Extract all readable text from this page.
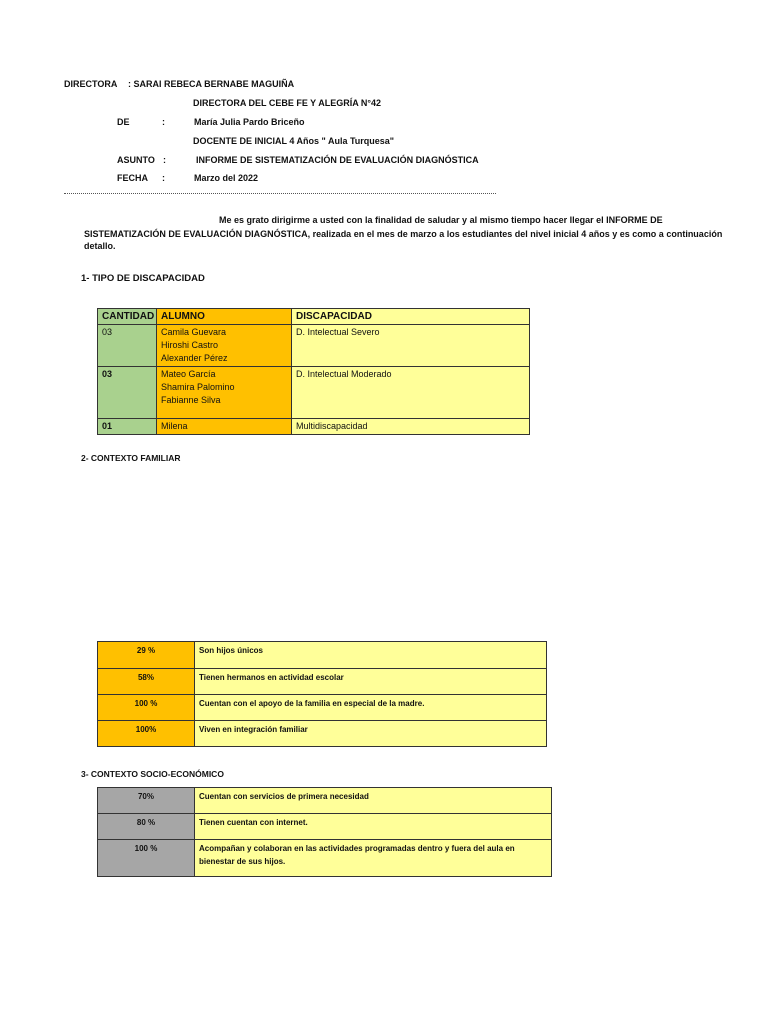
DIRECTORA : SARAI REBECA BERNABE MAGUIÑA
DIRECTORA DEL CEBE FE Y ALEGRÍA N°42
DE	:	María Julia Pardo Briceño
DOCENTE DE INICIAL 4 Años " Aula Turquesa"
ASUNTO :	INFORME DE SISTEMATIZACIÓN DE EVALUACIÓN DIAGNÓSTICA
FECHA :	Marzo del 2022
Me es grato dirigirme a usted con la finalidad de saludar y al mismo tiempo hacer llegar el INFORME DE
SISTEMATIZACIÓN DE EVALUACIÓN DIAGNÓSTICA, realizada en el mes de marzo a los estudiantes del nivel inicial 4 años y es como a continuación
detallo.
1- TIPO DE DISCAPACIDAD
CANTIDAD	ALUMNO	DISCAPACIDAD
03	Camila Guevara
Hiroshi Castro
Alexander Pérez	D. Intelectual Severo
03	Mateo García
Shamira Palomino
Fabianne Silva	D. Intelectual Moderado
01	Milena	Multidiscapacidad
2- CONTEXTO FAMILIAR
29 %	Son hijos únicos
58%	Tienen hermanos en actividad escolar
100 %	Cuentan con el apoyo de la familia en especial de la madre.
100%	Viven en integración familiar
3- CONTEXTO SOCIO-ECONÓMICO
70%	Cuentan con servicios de primera necesidad
80 %	Tienen cuentan con internet.
100 %	Acompañan y colaboran en las actividades programadas dentro y fuera del aula en bienestar de sus hijos.
